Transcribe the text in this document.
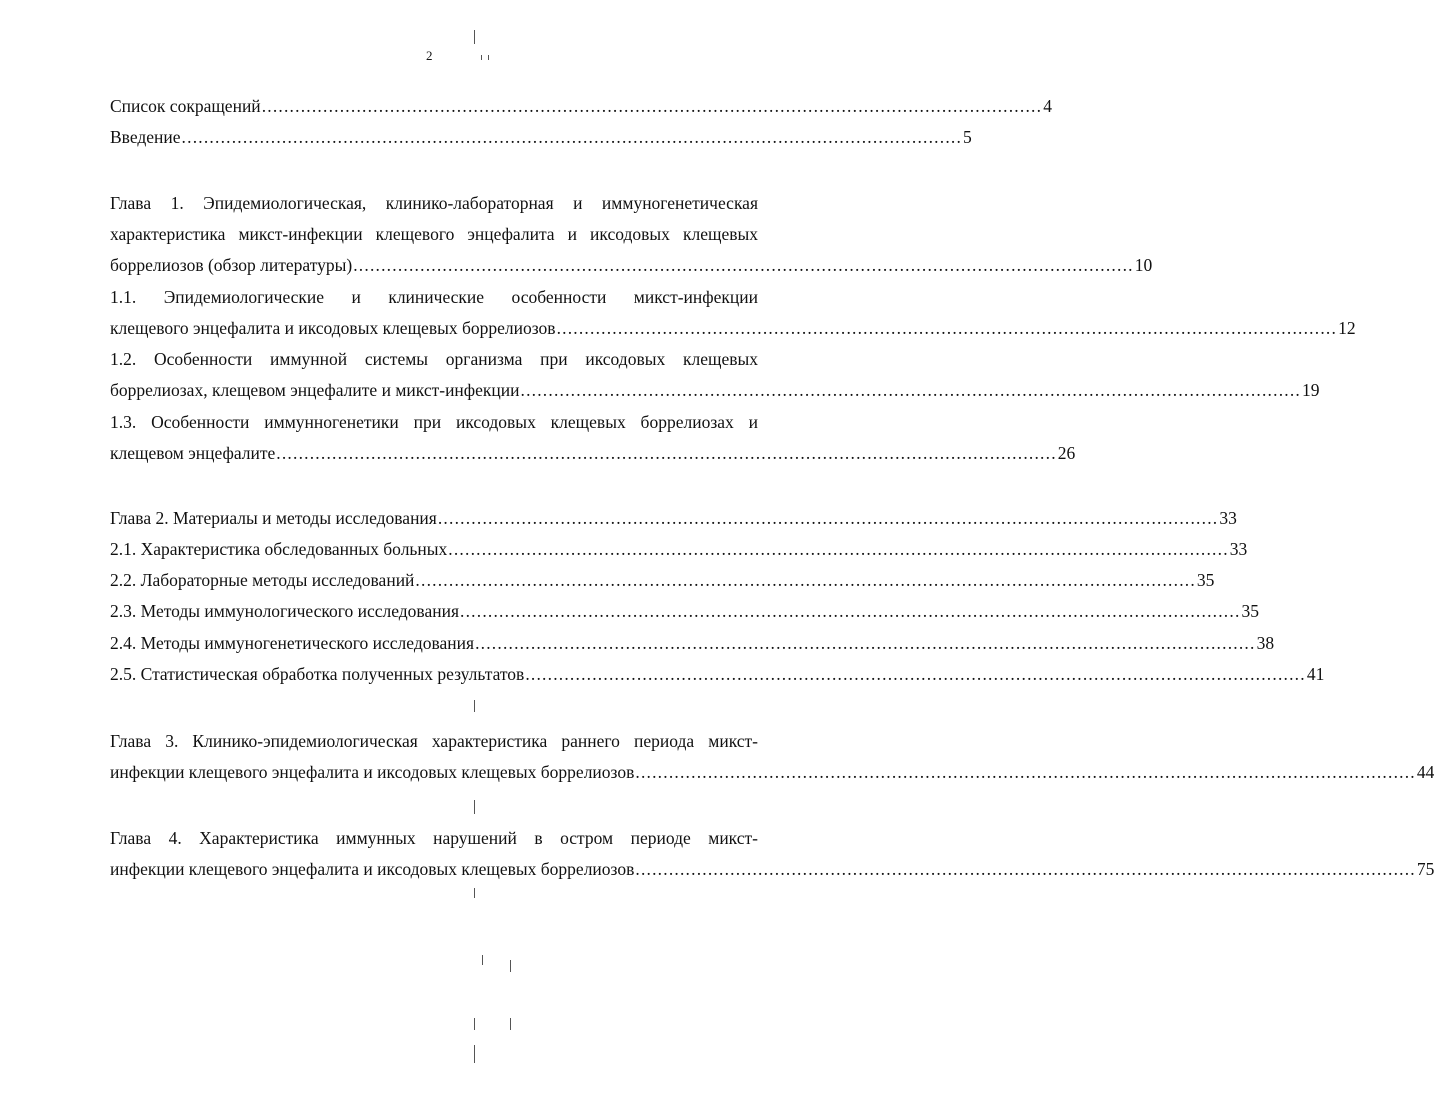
2
Список сокращений ............................................................................................................................................ 4
Введение ............................................................................................................................................ 5
Глава 1. Эпидемиологическая, клинико-лабораторная и иммуногенетическая
характеристика микст-инфекции клещевого энцефалита и иксодовых клещевых
боррелиозов (обзор литературы) ............................................................................................................................................ 10
1.1. Эпидемиологические и клинические особенности микст-инфекции
клещевого энцефалита и иксодовых клещевых боррелиозов ............................................................................................................................................ 12
1.2. Особенности иммунной системы организма при иксодовых клещевых
боррелиозах, клещевом энцефалите и микст-инфекции ............................................................................................................................................ 19
1.3. Особенности иммунногенетики при иксодовых клещевых боррелиозах и
клещевом энцефалите ............................................................................................................................................ 26
Глава 2. Материалы и методы исследования ............................................................................................................................................ 33
2.1. Характеристика обследованных больных ............................................................................................................................................ 33
2.2. Лабораторные методы исследований ............................................................................................................................................ 35
2.3. Методы иммунологического исследования ............................................................................................................................................ 35
2.4. Методы иммуногенетического исследования ............................................................................................................................................ 38
2.5. Статистическая обработка полученных результатов ............................................................................................................................................ 41
Глава 3. Клинико-эпидемиологическая характеристика раннего периода микст-
инфекции клещевого энцефалита и иксодовых клещевых боррелиозов ............................................................................................................................................ 44
Глава 4. Характеристика иммунных нарушений в остром периоде микст-
инфекции клещевого энцефалита и иксодовых клещевых боррелиозов ............................................................................................................................................ 75
